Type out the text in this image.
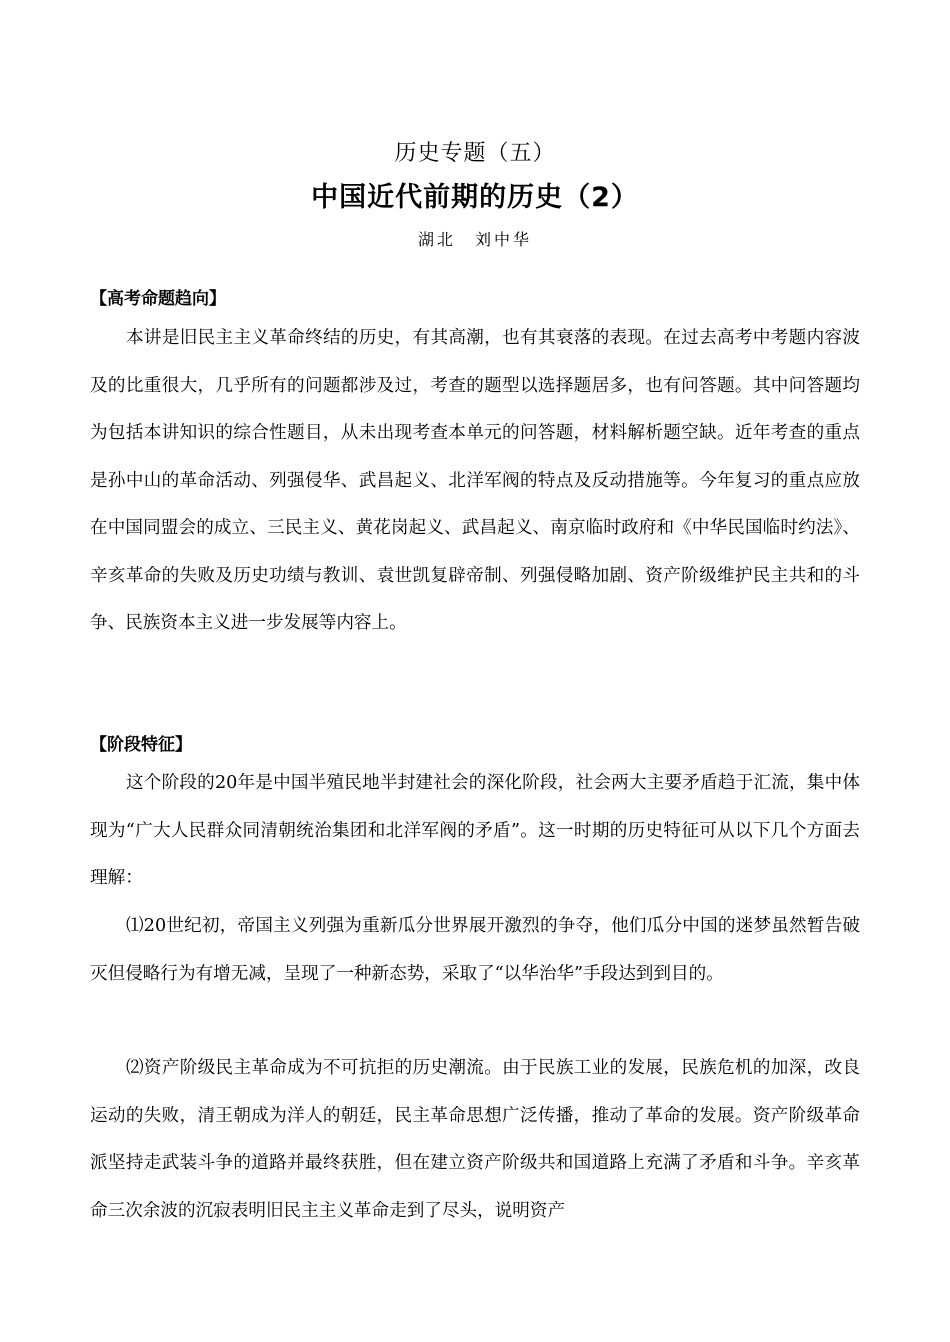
历史专题（五）
中国近代前期的历史（2）
湖北　刘中华
【高考命题趋向】

本讲是旧民主主义革命终结的历史，有其高潮，也有其衰落的表现。在过去高考中考题内容波及的比重很大，几乎所有的问题都涉及过，考查的题型以选择题居多，也有问答题。其中问答题均为包括本讲知识的综合性题目，从未出现考查本单元的问答题，材料解析题空缺。近年考查的重点是孙中山的革命活动、列强侵华、武昌起义、北洋军阀的特点及反动措施等。今年复习的重点应放在中国同盟会的成立、三民主义、黄花岗起义、武昌起义、南京临时政府和《中华民国临时约法》、辛亥革命的失败及历史功绩与教训、袁世凯复辟帝制、列强侵略加剧、资产阶级维护民主共和的斗争、民族资本主义进一步发展等内容上。

【阶段特征】

这个阶段的20年是中国半殖民地半封建社会的深化阶段，社会两大主要矛盾趋于汇流，集中体现为“广大人民群众同清朝统治集团和北洋军阀的矛盾”。这一时期的历史特征可从以下几个方面去理解：

⑴20世纪初，帝国主义列强为重新瓜分世界展开激烈的争夺，他们瓜分中国的迷梦虽然暂告破灭但侵略行为有增无减，呈现了一种新态势，采取了“以华治华”手段达到到目的。

⑵资产阶级民主革命成为不可抗拒的历史潮流。由于民族工业的发展，民族危机的加深，改良运动的失败，清王朝成为洋人的朝廷，民主革命思想广泛传播，推动了革命的发展。资产阶级革命派坚持走武装斗争的道路并最终获胜，但在建立资产阶级共和国道路上充满了矛盾和斗争。辛亥革命三次余波的沉寂表明旧民主主义革命走到了尽头，说明资产
